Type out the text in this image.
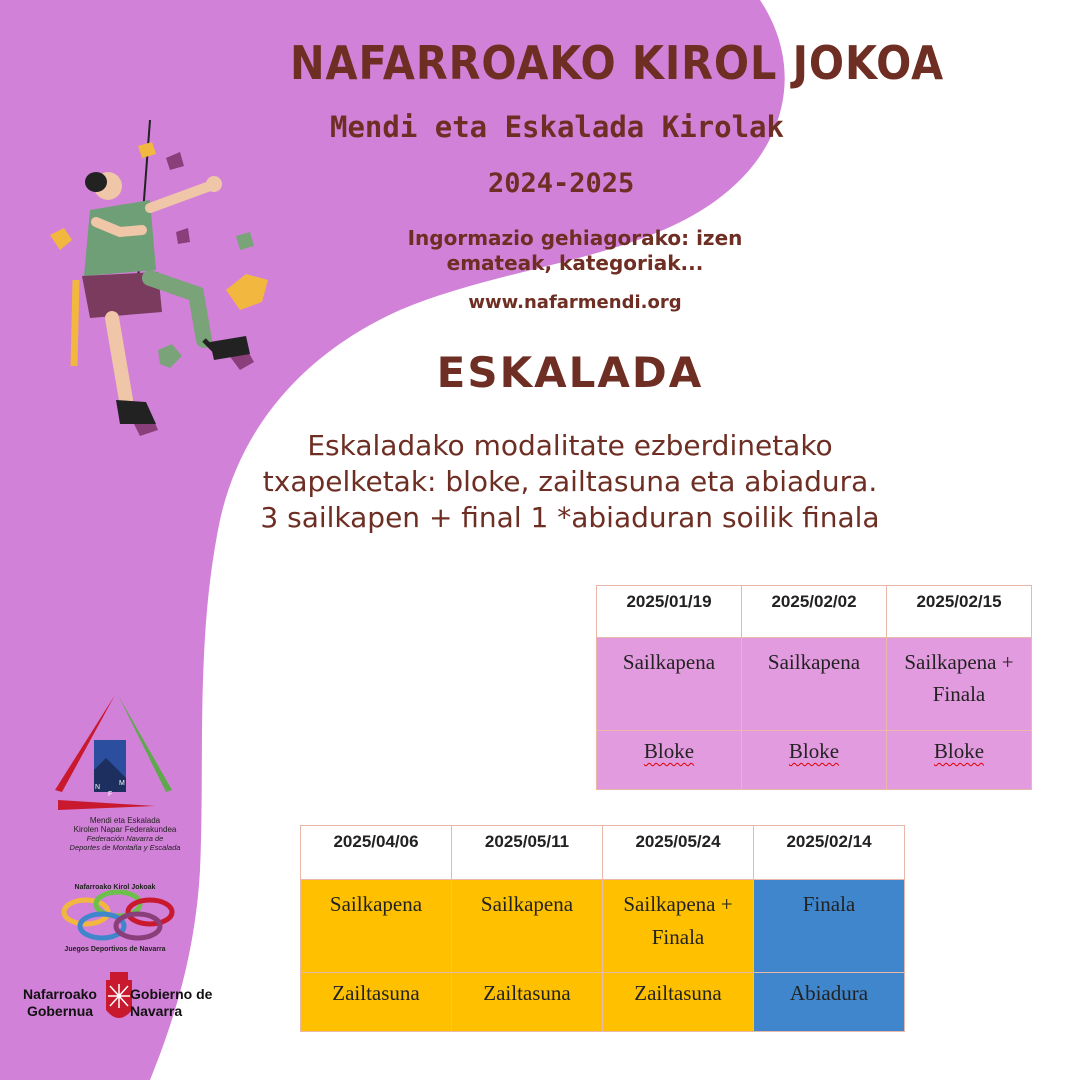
N
M
F
NAFARROAKO KIROL JOKOA
Mendi eta Eskalada Kirolak
2024-2025
Ingormazio gehiagorako: izen emateak, kategoriak...
www.nafarmendi.org
ESKALADA
Eskaladako modalitate ezberdinetako txapelketak: bloke, zailtasuna eta abiadura. 3 sailkapen + final 1 *abiaduran soilik finala
2025/01/19	2025/02/02	2025/02/15
Sailkapena	Sailkapena	Sailkapena + Finala
Bloke	Bloke	Bloke
2025/04/06	2025/05/11	2025/05/24	2025/02/14
Sailkapena	Sailkapena	Sailkapena + Finala	Finala
Zailtasuna	Zailtasuna	Zailtasuna	Abiadura
Mendi eta Eskalada
Kirolen Napar Federakundea
Federación Navarra de
Deportes de Montaña y Escalada
Nafarroako Kirol Jokoak
Juegos Deportivos de Navarra
Nafarroako Gobernua
Gobierno de Navarra
